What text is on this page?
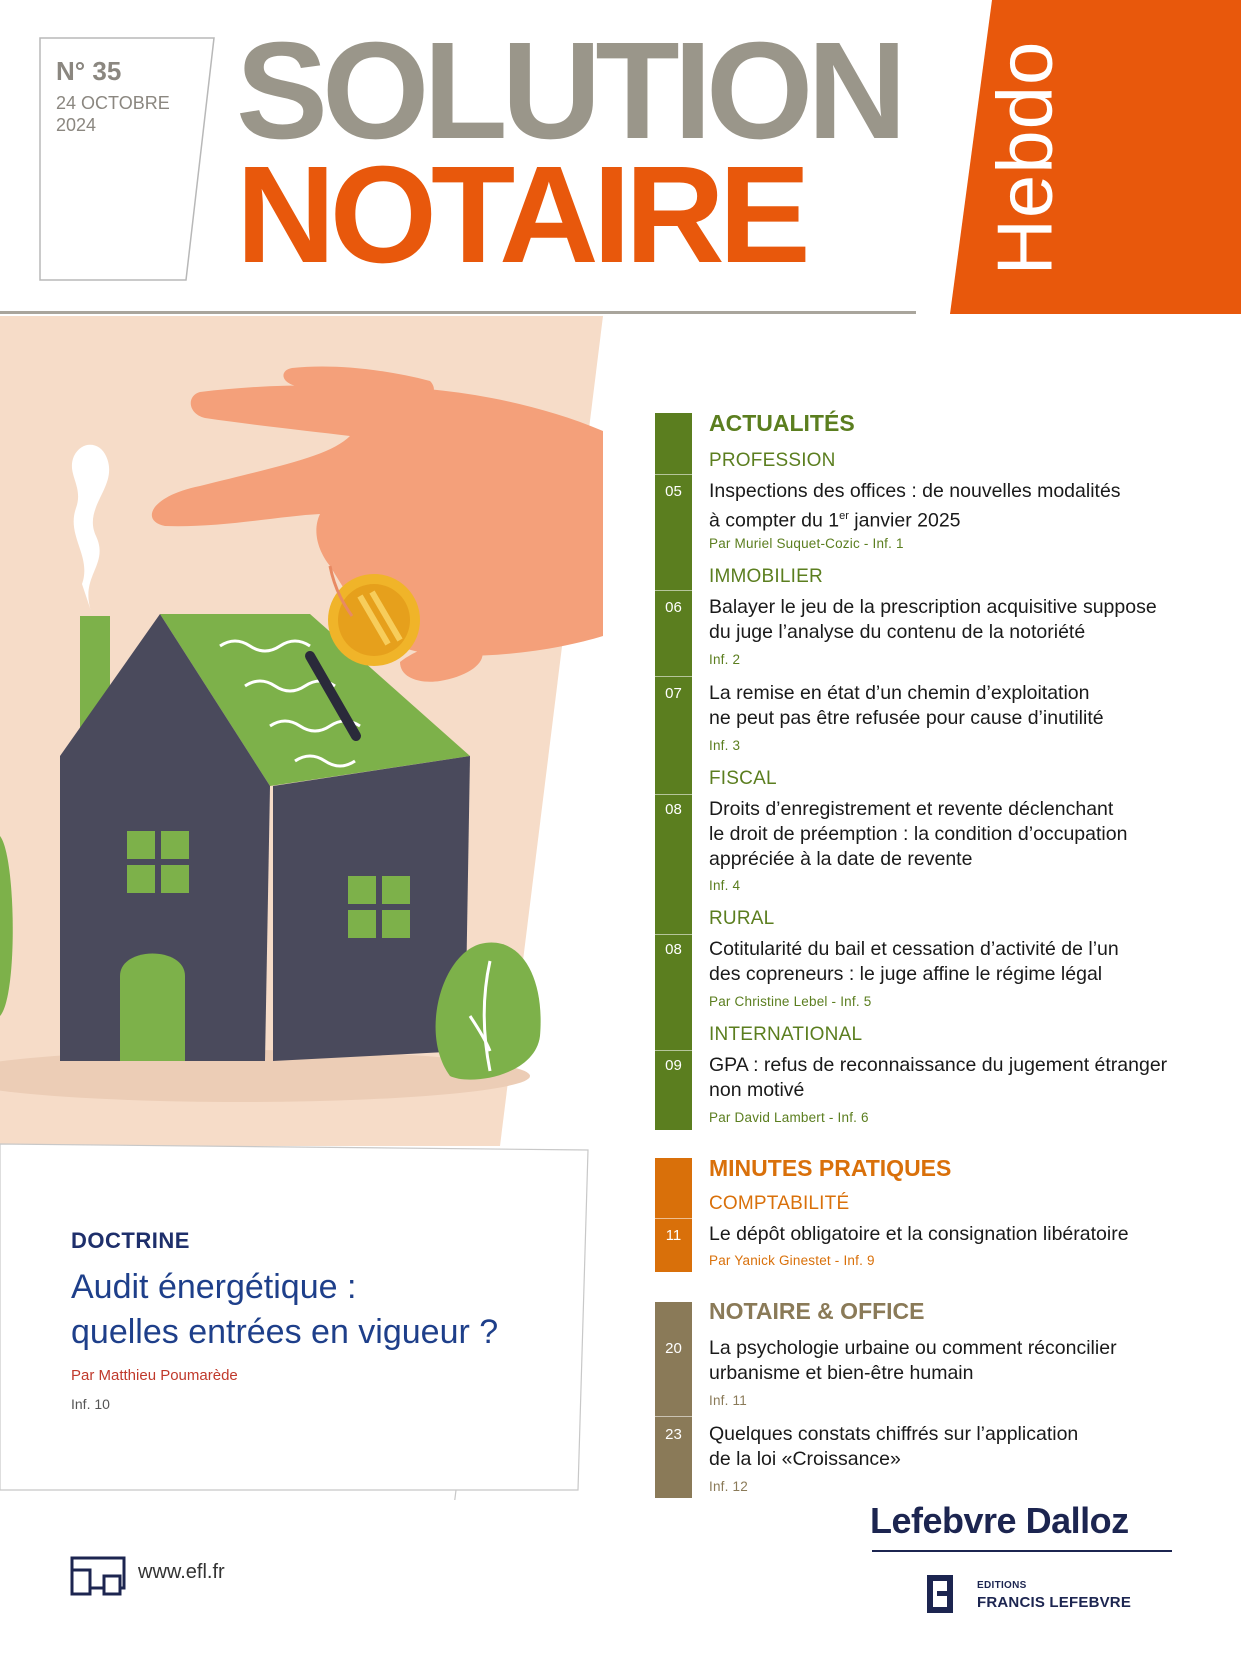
N° 35
24 OCTOBRE
2024 SOLUTION
NOTAIRE Hebdo
DOCTRINE
Audit énergétique :
quelles entrées en vigueur ?
Par Matthieu Poumarède
Inf. 10
ACTUALITÉS
PROFESSION
05	Inspections des offices : de nouvelles modalités
à compter du 1er janvier 2025
Par Muriel Suquet-Cozic - Inf. 1
IMMOBILIER
06	Balayer le jeu de la prescription acquisitive suppose
du juge l’analyse du contenu de la notoriété
Inf. 2
07	La remise en état d’un chemin d’exploitation
ne peut pas être refusée pour cause d’inutilité
Inf. 3
FISCAL
08	Droits d’enregistrement et revente déclenchant
le droit de préemption : la condition d’occupation
appréciée à la date de revente
Inf. 4
RURAL
08	Cotitularité du bail et cessation d’activité de l’un
des copreneurs : le juge affine le régime légal
Par Christine Lebel - Inf. 5
INTERNATIONAL
09	GPA : refus de reconnaissance du jugement étranger
non motivé
Par David Lambert - Inf. 6
MINUTES PRATIQUES
COMPTABILITÉ
11	Le dépôt obligatoire et la consignation libératoire
Par Yanick Ginestet - Inf. 9
NOTAIRE & OFFICE
20	La psychologie urbaine ou comment réconcilier
urbanisme et bien-être humain
Inf. 11
23	Quelques constats chiffrés sur l’application
de la loi «Croissance»
Inf. 12
www.efl.fr
Lefebvre Dalloz
EDITIONS
FRANCIS LEFEBVRE
